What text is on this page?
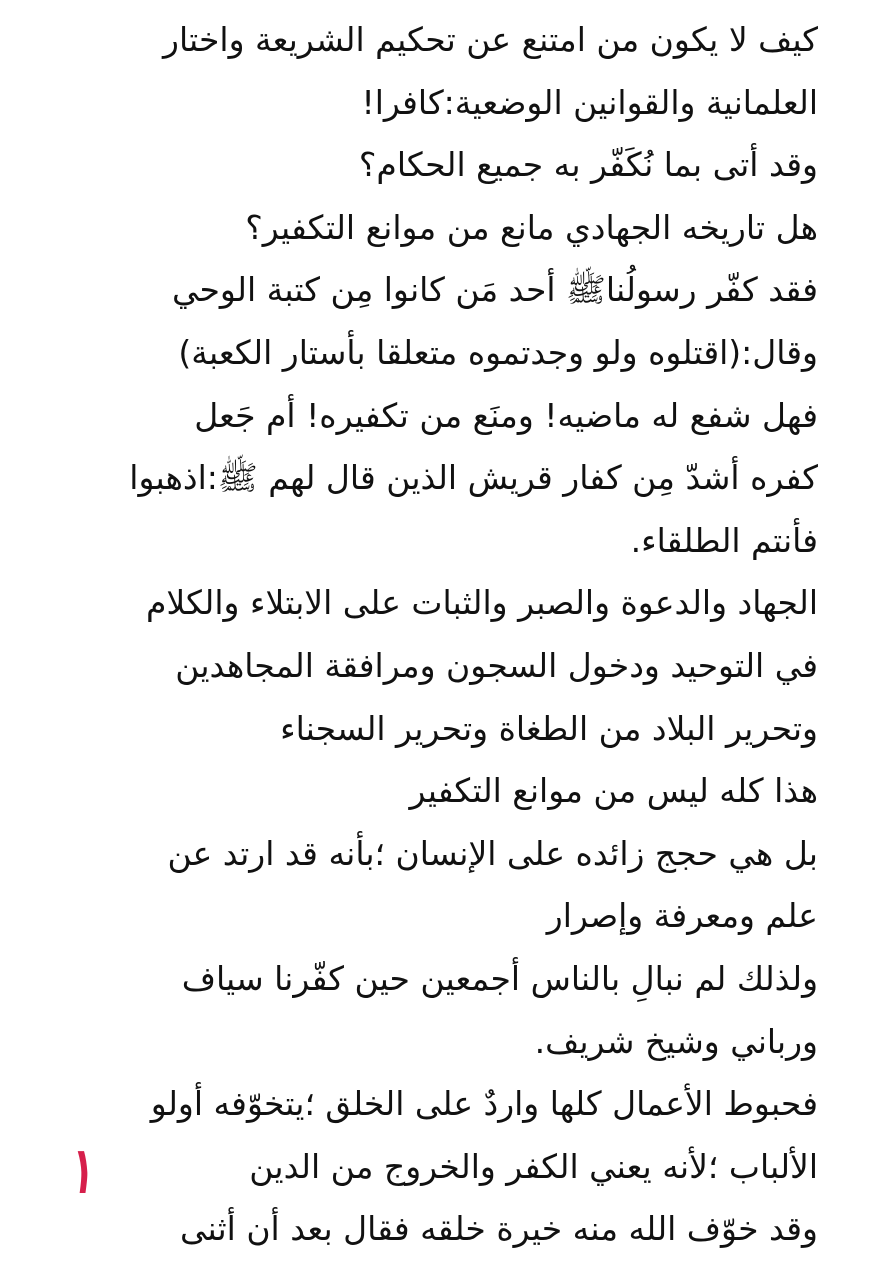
كيف لا يكون من امتنع عن تحكيم الشريعة واختار
العلمانية والقوانين الوضعية:كافرا!
وقد أتى بما نُكَفّر به جميع الحكام؟
هل تاريخه الجهادي مانع من موانع التكفير؟
فقد كفّر رسولُناﷺ أحد مَن كانوا مِن كتبة الوحي
وقال:(اقتلوه ولو وجدتموه متعلقا بأستار الكعبة)
فهل شفع له ماضيه! ومنَع من تكفيره! أم جَعل
كفره أشدّ مِن كفار قريش الذين قال لهم ﷺ:اذهبوا
فأنتم الطلقاء.
الجهاد والدعوة والصبر والثبات على الابتلاء والكلام
في التوحيد ودخول السجون ومرافقة المجاهدين
وتحرير البلاد من الطغاة وتحرير السجناء
هذا كله ليس من موانع التكفير
بل هي حجج زائده على الإنسان ؛بأنه قد ارتد عن
علم ومعرفة وإصرار
ولذلك لم نبالِ بالناس أجمعين حين كفّرنا سياف
ورباني وشيخ شريف.
فحبوط الأعمال كلها واردٌ على الخلق ؛يتخوّفه أولو
الألباب ؛لأنه يعني الكفر والخروج من الدين
وقد خوّف الله منه خيرة خلقه فقال بعد أن أثنى
١
